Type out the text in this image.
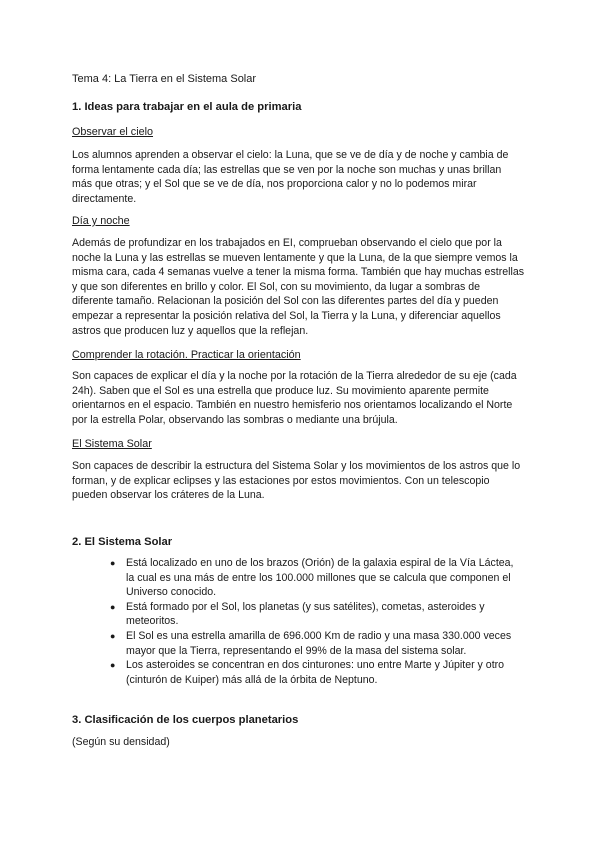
Tema 4: La Tierra en el Sistema Solar
1. Ideas para trabajar en el aula de primaria
Observar el cielo
Los alumnos aprenden a observar el cielo: la Luna, que se ve de día y de noche y cambia de forma lentamente cada día; las estrellas que se ven por la noche son muchas y unas brillan más que otras; y el Sol que se ve de día, nos proporciona calor y no lo podemos mirar directamente.
Día y noche
Además de profundizar en los trabajados en EI, comprueban observando el cielo que por la noche la Luna y las estrellas se mueven lentamente y que la Luna, de la que siempre vemos la misma cara, cada 4 semanas vuelve a tener la misma forma. También que hay muchas estrellas y que son diferentes en brillo y color. El Sol, con su movimiento, da lugar a sombras de diferente tamaño. Relacionan la posición del Sol con las diferentes partes del día y pueden empezar a representar la posición relativa del Sol, la Tierra y la Luna, y diferenciar aquellos astros que producen luz y aquellos que la reflejan.
Comprender la rotación. Practicar la orientación
Son capaces de explicar el día y la noche por la rotación de la Tierra alrededor de su eje (cada 24h). Saben que el Sol es una estrella que produce luz. Su movimiento aparente permite orientarnos en el espacio. También en nuestro hemisferio nos orientamos localizando el Norte por la estrella Polar, observando las sombras o mediante una brújula.
El Sistema Solar
Son capaces de describir la estructura del Sistema Solar y los movimientos de los astros que lo forman, y de explicar eclipses y las estaciones por estos movimientos. Con un telescopio pueden observar los cráteres de la Luna.
2. El Sistema Solar
● Está localizado en uno de los brazos (Orión) de la galaxia espiral de la Vía Láctea, la cual es una más de entre los 100.000 millones que se calcula que componen el Universo conocido.
● Está formado por el Sol, los planetas (y sus satélites), cometas, asteroides y meteoritos.
● El Sol es una estrella amarilla de 696.000 Km de radio y una masa 330.000 veces mayor que la Tierra, representando el 99% de la masa del sistema solar.
● Los asteroides se concentran en dos cinturones: uno entre Marte y Júpiter y otro (cinturón de Kuiper) más allá de la órbita de Neptuno.
3. Clasificación de los cuerpos planetarios
(Según su densidad)
